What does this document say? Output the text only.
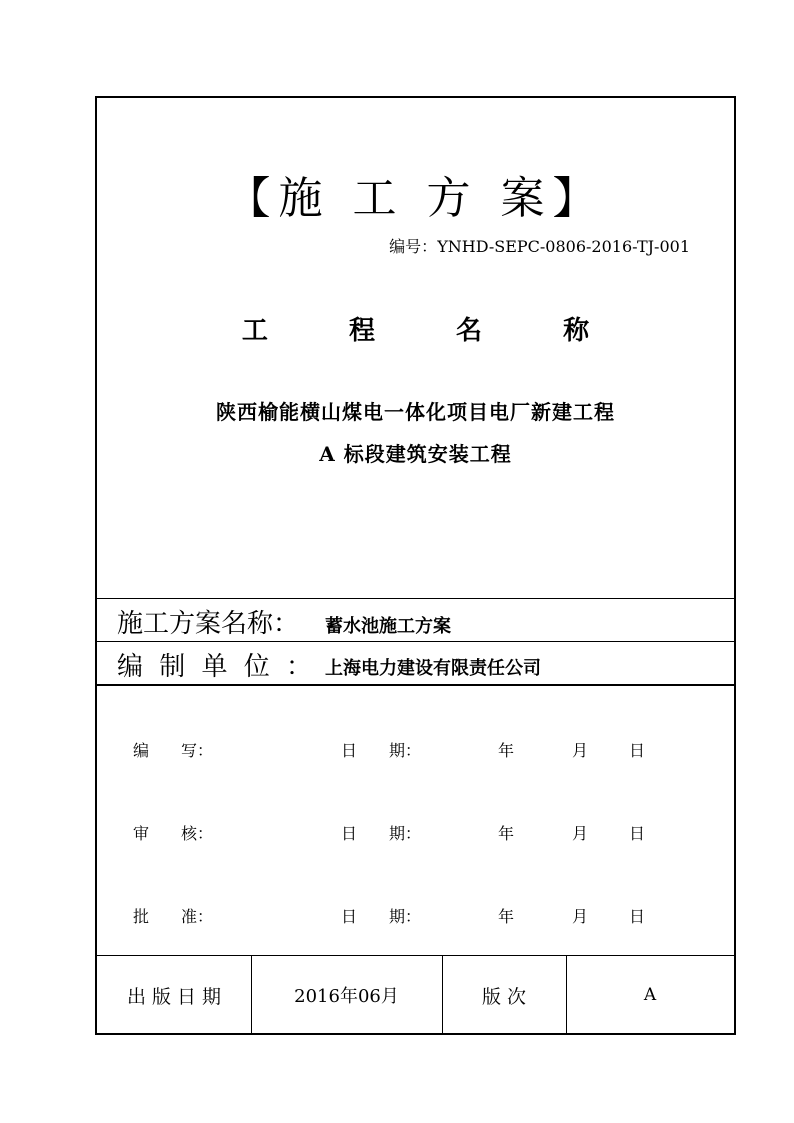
【施 工 方 案】
编号：YNHD-SEPC-0806-2016-TJ-001
工 程 名 称
陕西榆能横山煤电一体化项目电厂新建工程
A 标段建筑安装工程
施工方案名称： 蓄水池施工方案
编 制 单 位 ： 上海电力建设有限责任公司
编　　写：	日　　期：	年	月	日
审　　核：	日　　期：	年	月	日
批　　准：	日　　期：	年	月	日
出 版 日 期	2016年06月	版 次	A
